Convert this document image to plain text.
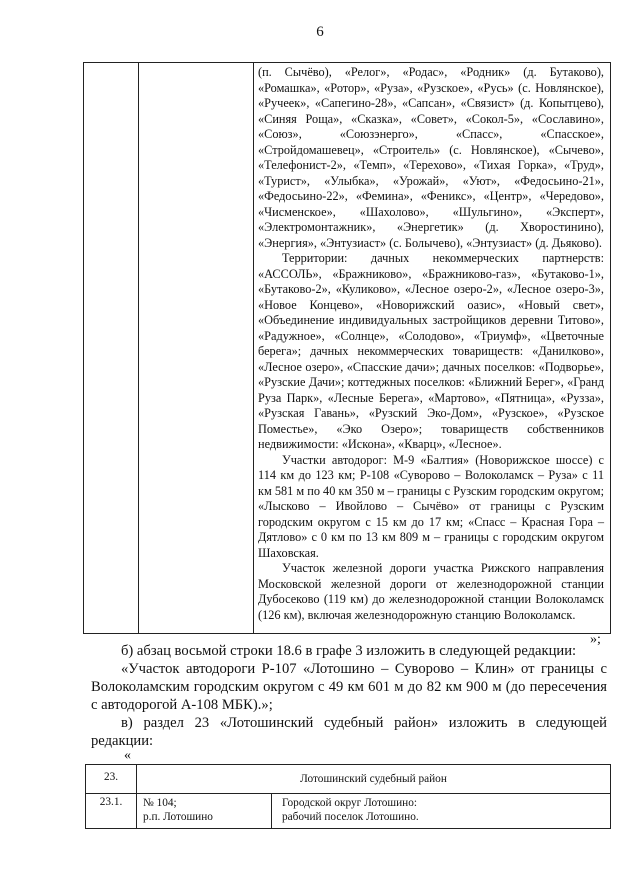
6

(п. Сычёво), «Релог», «Родас», «Родник» (д. Бутаково), «Ромашка», «Ротор», «Руза», «Рузское», «Русь» (с. Новлянское), «Ручеек», «Сапегино-28», «Сапсан», «Связист» (д. Копытцево), «Синяя Роща», «Сказка», «Совет», «Сокол-5», «Сославино», «Союз», «Союзэнерго», «Спасс», «Спасское», «Стройдомашевец», «Строитель» (с. Новлянское), «Сычево», «Телефонист-2», «Темп», «Терехово», «Тихая Горка», «Труд», «Турист», «Улыбка», «Урожай», «Уют», «Федосьино-21», «Федосьино-22», «Фемина», «Феникс», «Центр», «Чередово», «Чисменское», «Шахолово», «Шульгино», «Эксперт», «Электромонтажник», «Энергетик» (д. Хворостинино), «Энергия», «Энтузиаст» (с. Болычево), «Энтузиаст» (д. Дьяково).

Территории: дачных некоммерческих партнерств: «АССОЛЬ», «Бражниково», «Бражниково-газ», «Бутаково-1», «Бутаково-2», «Куликово», «Лесное озеро-2», «Лесное озеро-3», «Новое Концево», «Новорижский оазис», «Новый свет», «Объединение индивидуальных застройщиков деревни Титово», «Радужное», «Солнце», «Солодово», «Триумф», «Цветочные берега»; дачных некоммерческих товариществ: «Данилково», «Лесное озеро», «Спасские дачи»; дачных поселков: «Подворье», «Рузские Дачи»; коттеджных поселков: «Ближний Берег», «Гранд Руза Парк», «Лесные Берега», «Мартово», «Пятница», «Рузза», «Рузская Гавань», «Рузский Эко-Дом», «Рузское», «Рузское Поместье», «Эко Озеро»; товариществ собственников недвижимости: «Искона», «Кварц», «Лесное».

Участки автодорог: М-9 «Балтия» (Новорижское шоссе) с 114 км до 123 км; Р-108 «Суворово – Волоколамск – Руза» с 11 км 581 м по 40 км 350 м – границы с Рузским городским округом; «Лысково – Ивойлово – Сычёво» от границы с Рузским городским округом с 15 км до 17 км; «Спасс – Красная Гора – Дятлово» с 0 км по 13 км 809 м – границы с городским округом Шаховская.

Участок железной дороги участка Рижского направления Московской железной дороги от железнодорожной станции Дубосеково (119 км) до железнодорожной станции Волоколамск (126 км), включая железнодорожную станцию Волоколамск.

»;

б) абзац восьмой строки 18.6 в графе 3 изложить в следующей редакции:

«Участок автодороги Р-107 «Лотошино – Суворово – Клин» от границы с Волоколамским городским округом с 49 км 601 м до 82 км 900 м (до пересечения с автодорогой А-108 МБК).»;

в) раздел 23 «Лотошинский судебный район» изложить в следующей редакции:

«
23.	Лотошинский судебный район
23.1.	№ 104;
р.п. Лотошино
Городской округ Лотошино:
рабочий поселок Лотошино.
